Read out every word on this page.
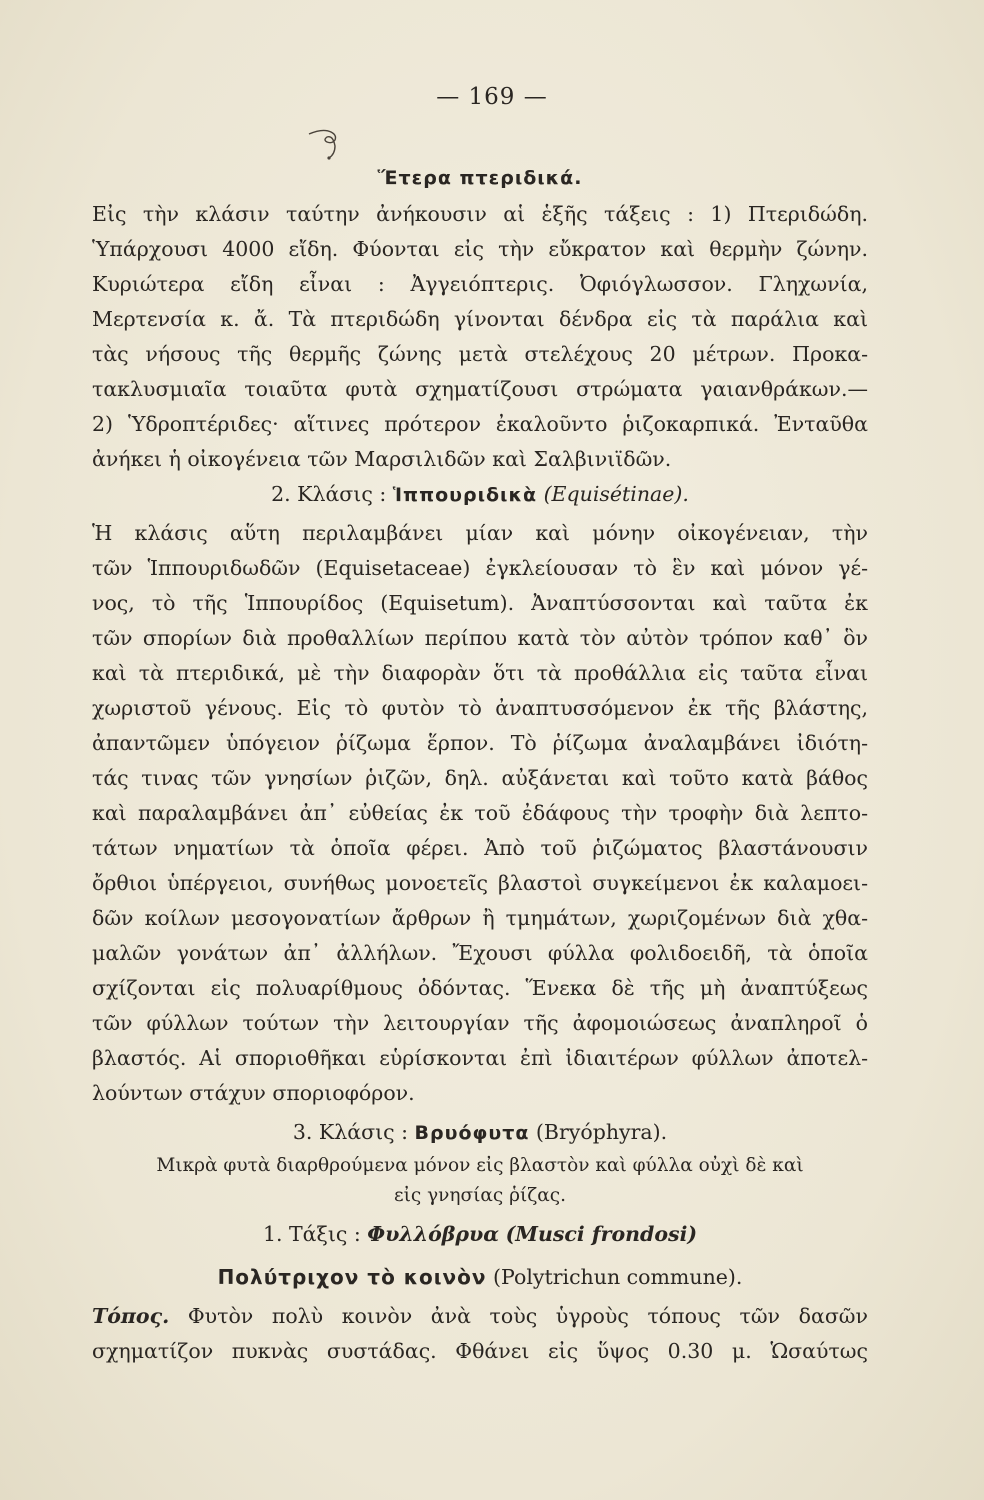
— 169 —
Ἕτερα πτεριδικά.
Εἰς τὴν κλάσιν ταύτην ἀνήκουσιν αἱ ἑξῆς τάξεις : 1) Πτεριδώδη.
Ὑπάρχουσι 4000 εἴδη. Φύονται εἰς τὴν εὔκρατον καὶ θερμὴν ζώνην.
Κυριώτερα εἴδη εἶναι : Ἀγγειόπτερις. Ὀφιόγλωσσον. Γληχωνία,
Μερτενσία κ. ἄ. Τὰ πτεριδώδη γίνονται δένδρα εἰς τὰ παράλια καὶ
τὰς νήσους τῆς θερμῆς ζώνης μετὰ στελέχους 20 μέτρων. Προκα-
τακλυσμιαῖα τοιαῦτα φυτὰ σχηματίζουσι στρώματα γαιανθράκων.—
2) Ὑδροπτέριδες· αἵτινες πρότερον ἐκαλοῦντο ῥιζοκαρπικά. Ἐνταῦθα
ἀνήκει ἡ οἰκογένεια τῶν Μαρσιλιδῶν καὶ Σαλβινιϊδῶν.
2. Κλάσις : Ἱππουριδικὰ (Equisétinae).
Ἡ κλάσις αὕτη περιλαμβάνει μίαν καὶ μόνην οἰκογένειαν, τὴν
τῶν Ἱππουριδωδῶν (Equisetaceae) ἐγκλείουσαν τὸ ἓν καὶ μόνον γέ-
νος, τὸ τῆς Ἱππουρίδος (Equisetum). Ἀναπτύσσονται καὶ ταῦτα ἐκ
τῶν σπορίων διὰ προθαλλίων περίπου κατὰ τὸν αὐτὸν τρόπον καθ᾽ ὃν
καὶ τὰ πτεριδικά, μὲ τὴν διαφορὰν ὅτι τὰ προθάλλια εἰς ταῦτα εἶναι
χωριστοῦ γένους. Εἰς τὸ φυτὸν τὸ ἀναπτυσσόμενον ἐκ τῆς βλάστης,
ἀπαντῶμεν ὑπόγειον ῥίζωμα ἕρπον. Τὸ ῥίζωμα ἀναλαμβάνει ἰδιότη-
τάς τινας τῶν γνησίων ῥιζῶν, δηλ. αὐξάνεται καὶ τοῦτο κατὰ βάθος
καὶ παραλαμβάνει ἀπ᾽ εὐθείας ἐκ τοῦ ἐδάφους τὴν τροφὴν διὰ λεπτο-
τάτων νηματίων τὰ ὁποῖα φέρει. Ἀπὸ τοῦ ῥιζώματος βλαστάνουσιν
ὄρθιοι ὑπέργειοι, συνήθως μονοετεῖς βλαστοὶ συγκείμενοι ἐκ καλαμοει-
δῶν κοίλων μεσογονατίων ἄρθρων ἢ τμημάτων, χωριζομένων διὰ χθα-
μαλῶν γονάτων ἀπ᾽ ἀλλήλων. Ἔχουσι φύλλα φολιδοειδῆ, τὰ ὁποῖα
σχίζονται εἰς πολυαρίθμους ὀδόντας. Ἕνεκα δὲ τῆς μὴ ἀναπτύξεως
τῶν φύλλων τούτων τὴν λειτουργίαν τῆς ἀφομοιώσεως ἀναπληροῖ ὁ
βλαστός. Αἱ σποριοθῆκαι εὑρίσκονται ἐπὶ ἰδιαιτέρων φύλλων ἀποτελ-
λούντων στάχυν σποριοφόρον.
3. Κλάσις : Βρυόφυτα (Bryóphyra).
Μικρὰ φυτὰ διαρθρούμενα μόνον εἰς βλαστὸν καὶ φύλλα οὐχὶ δὲ καὶ
εἰς γνησίας ῥίζας.
1. Τάξις : Φυλλόβρυα (Musci frondosi)
Πολύτριχον τὸ κοινὸν (Polytrichun commune).
Τόπος. Φυτὸν πολὺ κοινὸν ἀνὰ τοὺς ὑγροὺς τόπους τῶν δασῶν
σχηματίζον πυκνὰς συστάδας. Φθάνει εἰς ὕψος 0.30 μ. Ὡσαύτως
